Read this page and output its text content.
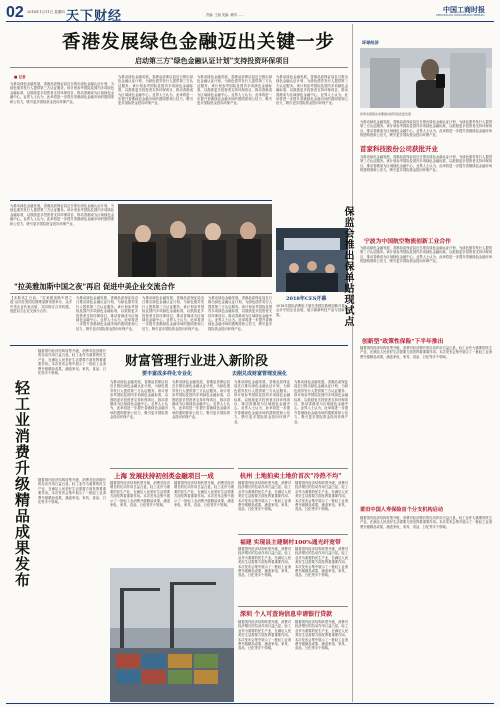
02 2018年1月11日 星期四 天下财经	责编: 王丽 美编: 黄明 ……
中国工商时报
ZHONGGUO GONGSHANG SHIBAO
香港发展绿色金融迈出关键一步
启动第三方"绿色金融认证计划"支持投资环保项目
■ 记者
为推动绿色金融发展，香港品质保证局近日推出绿色金融认证计划，为绿色债券发行人提供第三方认证服务。该计划参考国际及国内多项绿色金融标准，以鼓励更多投资者支持环保项目，推动香港成为区域绿色金融中心。业界人士认为，此举将进一步提升香港绿色金融市场的透明度和公信力，吸引更多国际资金投向环保产业。
为推动绿色金融发展，香港品质保证局近日推出绿色金融认证计划，为绿色债券发行人提供第三方认证服务。该计划参考国际及国内多项绿色金融标准，以鼓励更多投资者支持环保项目，推动香港成为区域绿色金融中心。业界人士认为，此举将进一步提升香港绿色金融市场的透明度和公信力，吸引更多国际资金投向环保产业。
为推动绿色金融发展，香港品质保证局近日推出绿色金融认证计划，为绿色债券发行人提供第三方认证服务。该计划参考国际及国内多项绿色金融标准，以鼓励更多投资者支持环保项目，推动香港成为区域绿色金融中心。业界人士认为，此举将进一步提升香港绿色金融市场的透明度和公信力，吸引更多国际资金投向环保产业。
为推动绿色金融发展，香港品质保证局近日推出绿色金融认证计划，为绿色债券发行人提供第三方认证服务。该计划参考国际及国内多项绿色金融标准，以鼓励更多投资者支持环保项目，推动香港成为区域绿色金融中心。业界人士认为，此举将进一步提升香港绿色金融市场的透明度和公信力，吸引更多国际资金投向环保产业。
环球经济
改革发展现实需要推动经济高质量发展
为推动绿色金融发展，香港品质保证局近日推出绿色金融认证计划，为绿色债券发行人提供第三方认证服务。该计划参考国际及国内多项绿色金融标准，以鼓励更多投资者支持环保项目，推动香港成为区域绿色金融中心。业界人士认为，此举将进一步提升香港绿色金融市场的透明度和公信力，吸引更多国际资金投向环保产业。
首家科技股份公司获批开业
为推动绿色金融发展，香港品质保证局近日推出绿色金融认证计划，为绿色债券发行人提供第三方认证服务。该计划参考国际及国内多项绿色金融标准，以鼓励更多投资者支持环保项目，推动香港成为区域绿色金融中心。业界人士认为，此举将进一步提升香港绿色金融市场的透明度和公信力，吸引更多国际资金投向环保产业。
宁波为中国航空物流创新工业合作
为推动绿色金融发展，香港品质保证局近日推出绿色金融认证计划，为绿色债券发行人提供第三方认证服务。该计划参考国际及国内多项绿色金融标准，以鼓励更多投资者支持环保项目，推动香港成为区域绿色金融中心。业界人士认为，此举将进一步提升香港绿色金融市场的透明度和公信力，吸引更多国际资金投向环保产业。
创新型"政策性保险"下半年推出
随着国内经济结构转型升级，消费对经济增长的拉动作用日益凸显。轻工业作为重要的民生产业，在满足人民美好生活需要方面发挥着重要作用。本次发布会集中展示了一批轻工业消费升级精品成果，涵盖家电、家具、食品、日化等多个领域。
莆田中国人寿保险首个分支机构启动
随着国内经济结构转型升级，消费对经济增长的拉动作用日益凸显。轻工业作为重要的民生产业，在满足人民美好生活需要方面发挥着重要作用。本次发布会集中展示了一批轻工业消费升级精品成果，涵盖家电、家具、食品、日化等多个领域。
为推动绿色金融发展，香港品质保证局近日推出绿色金融认证计划，为绿色债券发行人提供第三方认证服务。该计划参考国际及国内多项绿色金融标准，以鼓励更多投资者支持环保项目，推动香港成为区域绿色金融中心。业界人士认为，此举将进一步提升香港绿色金融市场的透明度和公信力，吸引更多国际资金投向环保产业。
2018年CES开幕
2018年国际消费电子展在美国拉斯维加斯开幕，众多中国企业参展，展示最新科技产品与创新成果。	保监会推出保单贴现试点
"拉美雅加斯中国之夜"再启 促进中美企业交流合作
【本报讯】日前，"拉美雅加斯中国之夜"活动在美国拉斯维加斯再度举办，众多中美企业代表出席，共同探讨合作机遇，促进双方企业交流与合作。
为推动绿色金融发展，香港品质保证局近日推出绿色金融认证计划，为绿色债券发行人提供第三方认证服务。该计划参考国际及国内多项绿色金融标准，以鼓励更多投资者支持环保项目，推动香港成为区域绿色金融中心。业界人士认为，此举将进一步提升香港绿色金融市场的透明度和公信力，吸引更多国际资金投向环保产业。
为推动绿色金融发展，香港品质保证局近日推出绿色金融认证计划，为绿色债券发行人提供第三方认证服务。该计划参考国际及国内多项绿色金融标准，以鼓励更多投资者支持环保项目，推动香港成为区域绿色金融中心。业界人士认为，此举将进一步提升香港绿色金融市场的透明度和公信力，吸引更多国际资金投向环保产业。
为推动绿色金融发展，香港品质保证局近日推出绿色金融认证计划，为绿色债券发行人提供第三方认证服务。该计划参考国际及国内多项绿色金融标准，以鼓励更多投资者支持环保项目，推动香港成为区域绿色金融中心。业界人士认为，此举将进一步提升香港绿色金融市场的透明度和公信力，吸引更多国际资金投向环保产业。
轻工业消费升级精品成果发布
随着国内经济结构转型升级，消费对经济增长的拉动作用日益凸显。轻工业作为重要的民生产业，在满足人民美好生活需要方面发挥着重要作用。本次发布会集中展示了一批轻工业消费升级精品成果，涵盖家电、家具、食品、日化等多个领域。
随着国内经济结构转型升级，消费对经济增长的拉动作用日益凸显。轻工业作为重要的民生产业，在满足人民美好生活需要方面发挥着重要作用。本次发布会集中展示了一批轻工业消费升级精品成果，涵盖家电、家具、食品、日化等多个领域。
财富管理行业进入新阶段
要丰富成多样化专业化	去刚兑成财富管理发展化
为推动绿色金融发展，香港品质保证局近日推出绿色金融认证计划，为绿色债券发行人提供第三方认证服务。该计划参考国际及国内多项绿色金融标准，以鼓励更多投资者支持环保项目，推动香港成为区域绿色金融中心。业界人士认为，此举将进一步提升香港绿色金融市场的透明度和公信力，吸引更多国际资金投向环保产业。
为推动绿色金融发展，香港品质保证局近日推出绿色金融认证计划，为绿色债券发行人提供第三方认证服务。该计划参考国际及国内多项绿色金融标准，以鼓励更多投资者支持环保项目，推动香港成为区域绿色金融中心。业界人士认为，此举将进一步提升香港绿色金融市场的透明度和公信力，吸引更多国际资金投向环保产业。
为推动绿色金融发展，香港品质保证局近日推出绿色金融认证计划，为绿色债券发行人提供第三方认证服务。该计划参考国际及国内多项绿色金融标准，以鼓励更多投资者支持环保项目，推动香港成为区域绿色金融中心。业界人士认为，此举将进一步提升香港绿色金融市场的透明度和公信力，吸引更多国际资金投向环保产业。
为推动绿色金融发展，香港品质保证局近日推出绿色金融认证计划，为绿色债券发行人提供第三方认证服务。该计划参考国际及国内多项绿色金融标准，以鼓励更多投资者支持环保项目，推动香港成为区域绿色金融中心。业界人士认为，此举将进一步提升香港绿色金融市场的透明度和公信力，吸引更多国际资金投向环保产业。
上海 发展扶持初创类金融项目一成
随着国内经济结构转型升级，消费对经济增长的拉动作用日益凸显。轻工业作为重要的民生产业，在满足人民美好生活需要方面发挥着重要作用。本次发布会集中展示了一批轻工业消费升级精品成果，涵盖家电、家具、食品、日化等多个领域。
随着国内经济结构转型升级，消费对经济增长的拉动作用日益凸显。轻工业作为重要的民生产业，在满足人民美好生活需要方面发挥着重要作用。本次发布会集中展示了一批轻工业消费升级精品成果，涵盖家电、家具、食品、日化等多个领域。
杭州 土地拍卖土地价首次"冷热不均"
随着国内经济结构转型升级，消费对经济增长的拉动作用日益凸显。轻工业作为重要的民生产业，在满足人民美好生活需要方面发挥着重要作用。本次发布会集中展示了一批轻工业消费升级精品成果，涵盖家电、家具、食品、日化等多个领域。
随着国内经济结构转型升级，消费对经济增长的拉动作用日益凸显。轻工业作为重要的民生产业，在满足人民美好生活需要方面发挥着重要作用。本次发布会集中展示了一批轻工业消费升级精品成果，涵盖家电、家具、食品、日化等多个领域。
福建 实现县主建制村100%通光纤宽带
随着国内经济结构转型升级，消费对经济增长的拉动作用日益凸显。轻工业作为重要的民生产业，在满足人民美好生活需要方面发挥着重要作用。本次发布会集中展示了一批轻工业消费升级精品成果，涵盖家电、家具、食品、日化等多个领域。
随着国内经济结构转型升级，消费对经济增长的拉动作用日益凸显。轻工业作为重要的民生产业，在满足人民美好生活需要方面发挥着重要作用。本次发布会集中展示了一批轻工业消费升级精品成果，涵盖家电、家具、食品、日化等多个领域。
深圳 个人可查询信息申请银行贷款
随着国内经济结构转型升级，消费对经济增长的拉动作用日益凸显。轻工业作为重要的民生产业，在满足人民美好生活需要方面发挥着重要作用。本次发布会集中展示了一批轻工业消费升级精品成果，涵盖家电、家具、食品、日化等多个领域。
随着国内经济结构转型升级，消费对经济增长的拉动作用日益凸显。轻工业作为重要的民生产业，在满足人民美好生活需要方面发挥着重要作用。本次发布会集中展示了一批轻工业消费升级精品成果，涵盖家电、家具、食品、日化等多个领域。
